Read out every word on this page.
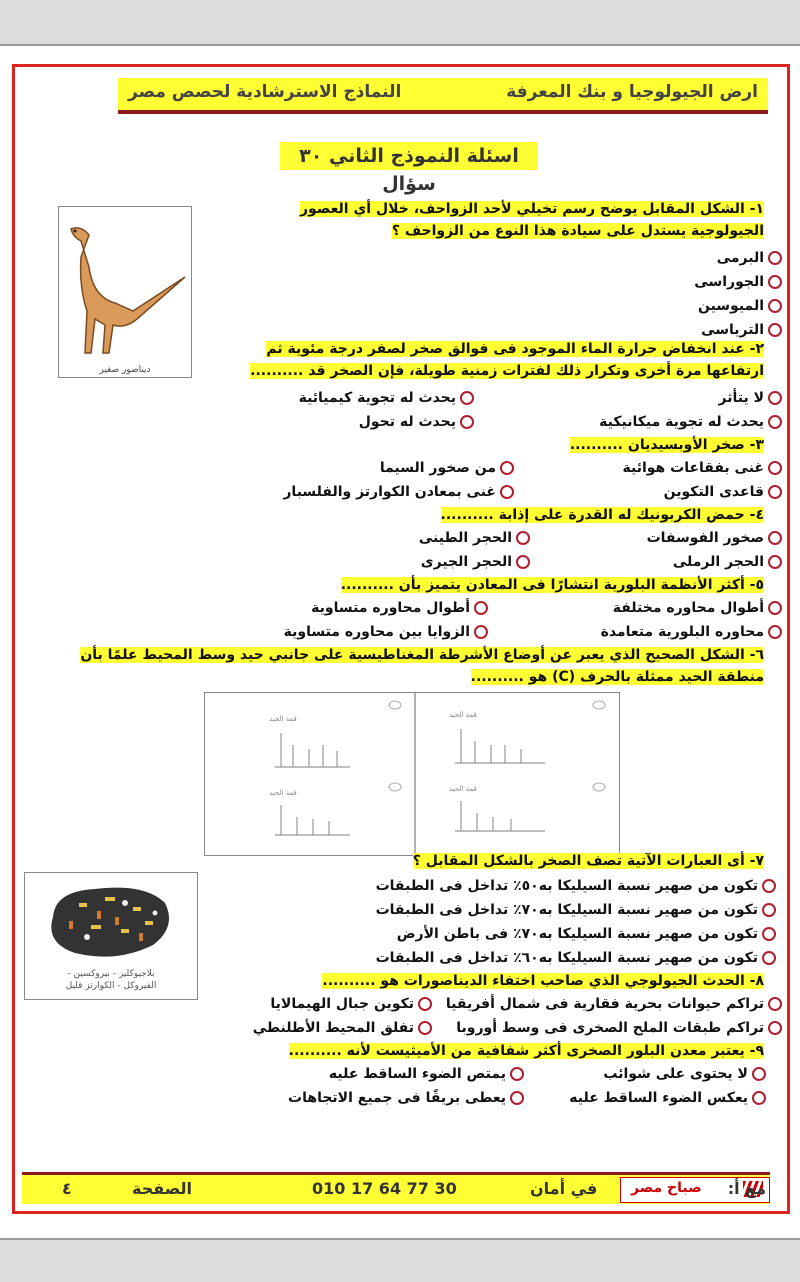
ارض الجيولوجيا و بنك المعرفة
النماذج الاسترشادية لحصص مصر
اسئلة النموذج الثاني ٣٠ سؤال
ديناصور صغير
١- الشكل المقابل يوضح رسم تخيلي لأحد الزواحف، خلال أي العصور الجيولوجية يستدل على سيادة هذا النوع من الزواحف ؟
البرمى
الجوراسى
الميوسين
الترياسى
٢- عند انخفاض حرارة الماء الموجود فى فوالق صخر لصفر درجة مئوية ثم ارتفاعها مرة أخرى وتكرار ذلك لفترات زمنية طويلة، فإن الصخر قد ..........
لا يتأثر
يحدث له تجوية كيميائية
يحدث له تجوية ميكانيكية
يحدث له تحول
٣- صخر الأوبسيديان ..........
غنى بفقاعات هوائية
من صخور السيما
قاعدى التكوين
غنى بمعادن الكوارتز والفلسبار
٤- حمض الكربونيك له القدرة على إذابة ..........
صخور الفوسفات
الحجر الطينى
الحجر الرملى
الحجر الجيرى
٥- أكثر الأنظمة البلورية انتشارًا فى المعادن يتميز بأن ..........
أطوال محاوره مختلفة
أطوال محاوره متساوية
محاوره البلورية متعامدة
الزوايا بين محاوره متساوية
٦- الشكل الصحيح الذي يعبر عن أوضاع الأشرطة المغناطيسية على جانبي حيد وسط المحيط علمًا بأن منطقة الحيد ممثلة بالحرف (C) هو ..........
قمة الحيد	قمة الحيد
قمة الحيد	قمة الحيد
بلاجيوكليز - بيروكسين -
الفيروكل - الكوارتز قليل
٧- أى العبارات الآتية تصف الصخر بالشكل المقابل ؟
تكون من صهير نسبة السيليكا به٥٠٪ تداخل فى الطبقات
تكون من صهير نسبة السيليكا به٧٠٪ تداخل فى الطبقات
تكون من صهير نسبة السيليكا به٧٠٪ فى باطن الأرض
تكون من صهير نسبة السيليكا به٦٠٪ تداخل فى الطبقات
٨- الحدث الجيولوجي الذي صاحب اختفاء الديناصورات هو ..........
تراكم حيوانات بحرية فقارية فى شمال أفريقيا
تكوين جبال الهيمالايا
تراكم طبقات الملح الصخرى فى وسط أوروبا
تفلق المحيط الأطلنطي
٩- يعتبر معدن البلور الصخرى أكثر شفافية من الأميثيست لأنه ..........
لا يحتوى على شوائب
يمتص الضوء الساقط عليه
يعكس الضوء الساقط عليه
يعطى بريقًا فى جميع الاتجاهات
٤	الصفحة	010 17 64 77 30	في أمان صباح مصر مع أ:
